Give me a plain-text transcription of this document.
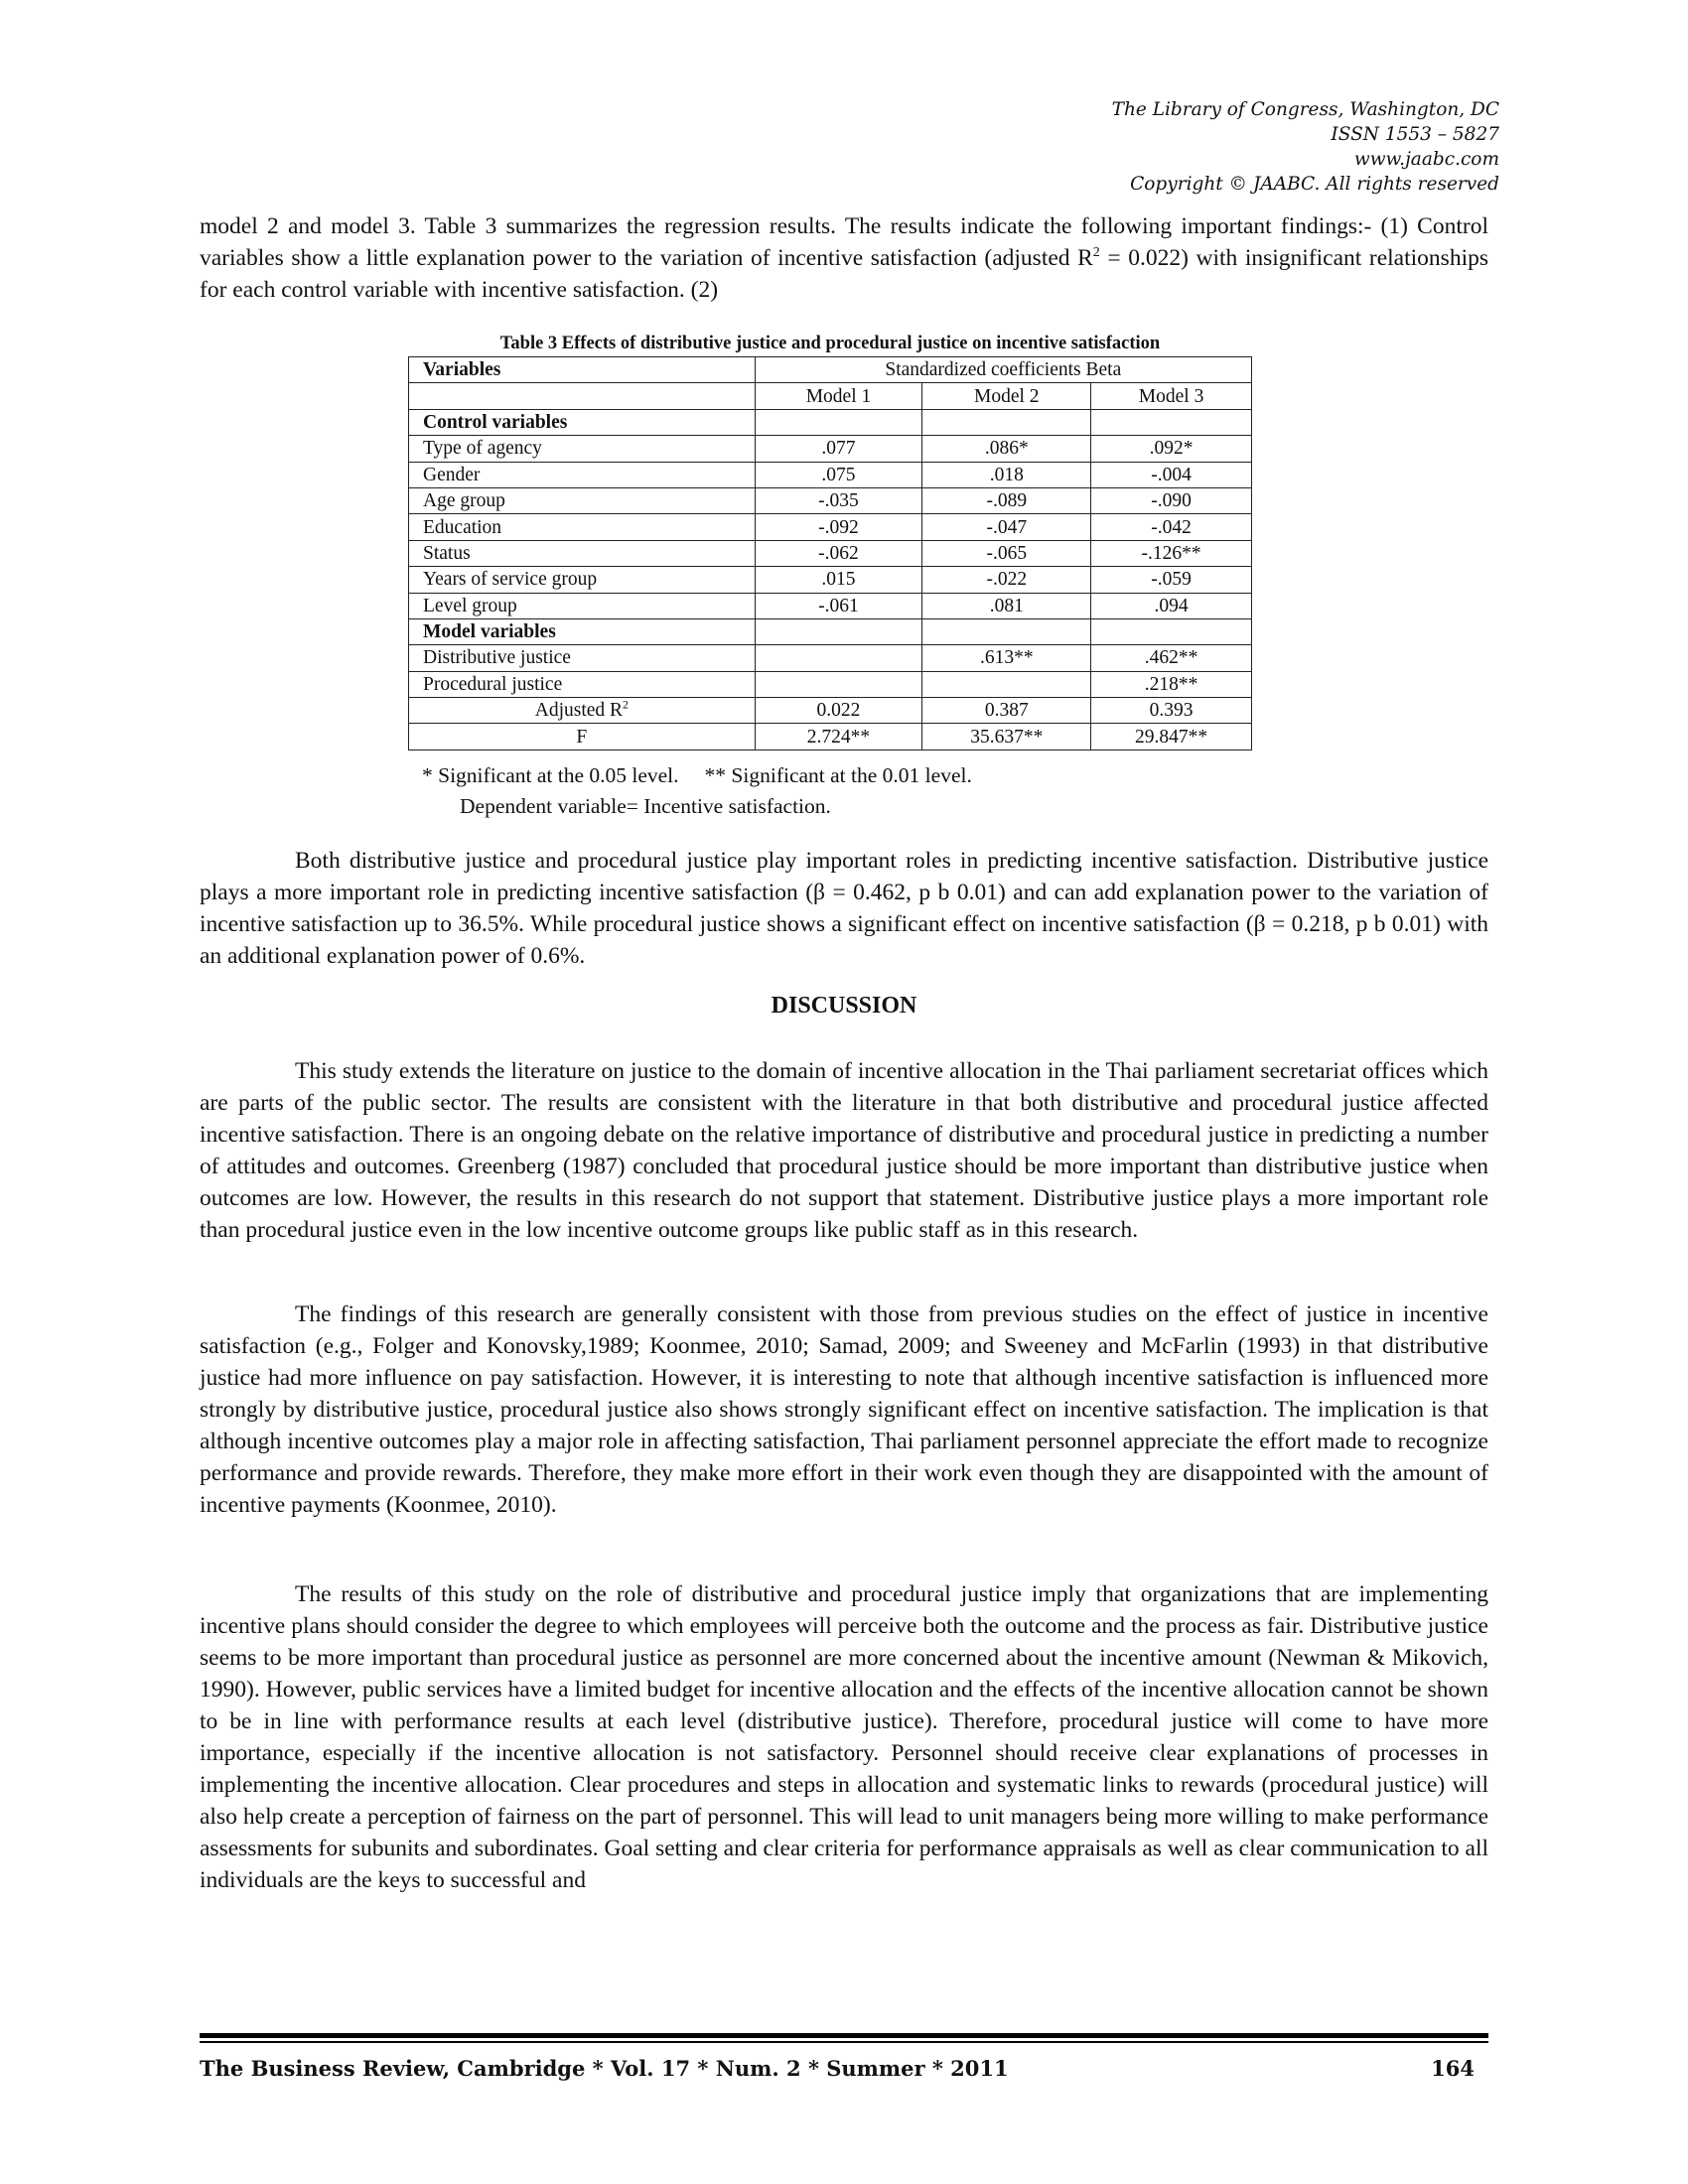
The Library of Congress, Washington, DC
ISSN 1553 – 5827
www.jaabc.com
Copyright © JAABC. All rights reserved

model 2 and model 3. Table 3 summarizes the regression results. The results indicate the following important findings:- (1) Control variables show a little explanation power to the variation of incentive satisfaction (adjusted $R^2 = 0.022$) with insignificant relationships for each control variable with incentive satisfaction. (2)

Table 3 Effects of distributive justice and procedural justice on incentive satisfaction
Variables	Standardized coefficients Beta		
	Model 1	Model 2	Model 3
Control variables			
Type of agency	.077	.086*	.092*
Gender	.075	.018	-.004
Age group	-.035	-.089	-.090
Education	-.092	-.047	-.042
Status	-.062	-.065	-.126**
Years of service group	.015	-.022	-.059
Level group	-.061	.081	.094
Model variables			
Distributive justice		.613**	.462**
Procedural justice			.218**
Adjusted $R^2$	0.022	0.387	0.393
F	2.724**	35.637**	29.847**
* Significant at the 0.05 level. ** Significant at the 0.01 level.
Dependent variable= Incentive satisfaction.

Both distributive justice and procedural justice play important roles in predicting incentive satisfaction. Distributive justice plays a more important role in predicting incentive satisfaction (β = 0.462, p b 0.01) and can add explanation power to the variation of incentive satisfaction up to 36.5%. While procedural justice shows a significant effect on incentive satisfaction (β = 0.218, p b 0.01) with an additional explanation power of 0.6%.

DISCUSSION

This study extends the literature on justice to the domain of incentive allocation in the Thai parliament secretariat offices which are parts of the public sector. The results are consistent with the literature in that both distributive and procedural justice affected incentive satisfaction. There is an ongoing debate on the relative importance of distributive and procedural justice in predicting a number of attitudes and outcomes. Greenberg (1987) concluded that procedural justice should be more important than distributive justice when outcomes are low. However, the results in this research do not support that statement. Distributive justice plays a more important role than procedural justice even in the low incentive outcome groups like public staff as in this research.

The findings of this research are generally consistent with those from previous studies on the effect of justice in incentive satisfaction (e.g., Folger and Konovsky,1989; Koonmee, 2010; Samad, 2009; and Sweeney and McFarlin (1993) in that distributive justice had more influence on pay satisfaction. However, it is interesting to note that although incentive satisfaction is influenced more strongly by distributive justice, procedural justice also shows strongly significant effect on incentive satisfaction. The implication is that although incentive outcomes play a major role in affecting satisfaction, Thai parliament personnel appreciate the effort made to recognize performance and provide rewards. Therefore, they make more effort in their work even though they are disappointed with the amount of incentive payments (Koonmee, 2010).

The results of this study on the role of distributive and procedural justice imply that organizations that are implementing incentive plans should consider the degree to which employees will perceive both the outcome and the process as fair. Distributive justice seems to be more important than procedural justice as personnel are more concerned about the incentive amount (Newman & Mikovich, 1990). However, public services have a limited budget for incentive allocation and the effects of the incentive allocation cannot be shown to be in line with performance results at each level (distributive justice). Therefore, procedural justice will come to have more importance, especially if the incentive allocation is not satisfactory. Personnel should receive clear explanations of processes in implementing the incentive allocation. Clear procedures and steps in allocation and systematic links to rewards (procedural justice) will also help create a perception of fairness on the part of personnel. This will lead to unit managers being more willing to make performance assessments for subunits and subordinates. Goal setting and clear criteria for performance appraisals as well as clear communication to all individuals are the keys to successful and

The Business Review, Cambridge * Vol. 17 * Num. 2 * Summer * 2011	164
